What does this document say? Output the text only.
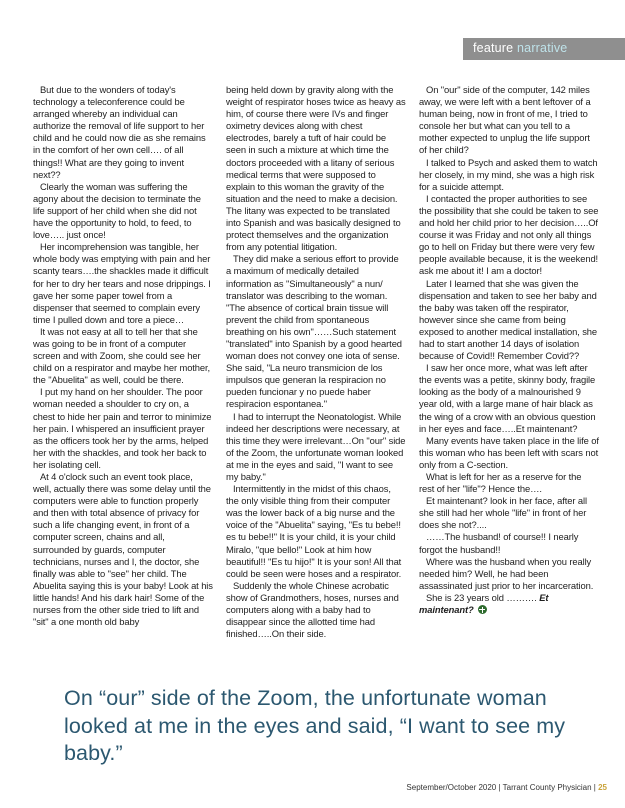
feature narrative

But due to the wonders of today's technology a teleconference could be arranged whereby an individual can authorize the removal of life support to her child and he could now die as she remains in the comfort of her own cell…. of all things!! What are they going to invent next??

Clearly the woman was suffering the agony about the decision to terminate the life support of her child when she did not have the opportunity to hold, to feed, to love….. just once!

Her incomprehension was tangible, her whole body was emptying with pain and her scanty tears….the shackles made it difficult for her to dry her tears and nose drippings. I gave her some paper towel from a dispenser that seemed to complain every time I pulled down and tore a piece…

It was not easy at all to tell her that she was going to be in front of a computer screen and with Zoom, she could see her child on a respirator and maybe her mother, the "Abuelita" as well, could be there.

I put my hand on her shoulder. The poor woman needed a shoulder to cry on, a chest to hide her pain and terror to minimize her pain. I whispered an insufficient prayer as the officers took her by the arms, helped her with the shackles, and took her back to her isolating cell.

At 4 o'clock such an event took place, well, actually there was some delay until the computers were able to function properly and then with total absence of privacy for such a life changing event, in front of a computer screen, chains and all, surrounded by guards, computer technicians, nurses and I, the doctor, she finally was able to "see" her child. The Abuelita saying this is your baby! Look at his little hands! And his dark hair! Some of the nurses from the other side tried to lift and "sit" a one month old baby

being held down by gravity along with the weight of respirator hoses twice as heavy as him, of course there were IVs and finger oximetry devices along with chest electrodes, barely a tuft of hair could be seen in such a mixture at which time the doctors proceeded with a litany of serious medical terms that were supposed to explain to this woman the gravity of the situation and the need to make a decision. The litany was expected to be translated into Spanish and was basically designed to protect themselves and the organization from any potential litigation.

They did make a serious effort to provide a maximum of medically detailed information as "Simultaneously" a nun/ translator was describing to the woman. "The absence of cortical brain tissue will prevent the child from spontaneous breathing on his own"……Such statement "translated" into Spanish by a good hearted woman does not convey one iota of sense. She said, "La neuro transmicion de los impulsos que generan la respiracion no pueden funcionar y no puede haber respiracion espontanea."

I had to interrupt the Neonatologist. While indeed her descriptions were necessary, at this time they were irrelevant…On "our" side of the Zoom, the unfortunate woman looked at me in the eyes and said, "I want to see my baby."

Intermittently in the midst of this chaos, the only visible thing from their computer was the lower back of a big nurse and the voice of the "Abuelita" saying, "Es tu bebe!! es tu bebe!!" It is your child, it is your child Miralo, "que bello!" Look at him how beautiful!! "Es tu hijo!" It is your son! All that could be seen were hoses and a respirator.

Suddenly the whole Chinese acrobatic show of Grandmothers, hoses, nurses and computers along with a baby had to disappear since the allotted time had finished…..On their side.

On "our" side of the computer, 142 miles away, we were left with a bent leftover of a human being, now in front of me, I tried to console her but what can you tell to a mother expected to unplug the life support of her child?

I talked to Psych and asked them to watch her closely, in my mind, she was a high risk for a suicide attempt.

I contacted the proper authorities to see the possibility that she could be taken to see and hold her child prior to her decision…..Of course it was Friday and not only all things go to hell on Friday but there were very few people available because, it is the weekend! ask me about it! I am a doctor!

Later I learned that she was given the dispensation and taken to see her baby and the baby was taken off the respirator, however since she came from being exposed to another medical installation, she had to start another 14 days of isolation because of Covid!! Remember Covid??

I saw her once more, what was left after the events was a petite, skinny body, fragile looking as the body of a malnourished 9 year old, with a large mane of hair black as the wing of a crow with an obvious question in her eyes and face…..Et maintenant?

Many events have taken place in the life of this woman who has been left with scars not only from a C-section.

What is left for her as a reserve for the rest of her "life"? Hence the….

Et maintenant? look in her face, after all she still had her whole "life" in front of her does she not?....

……The husband! of course!! I nearly forgot the husband!!

Where was the husband when you really needed him? Well, he had been assassinated just prior to her incarceration.

She is 23 years old ………. Et maintenant?

On “our” side of the Zoom, the unfortunate woman looked at me in the eyes and said, “I want to see my baby.”

September/October 2020 | Tarrant County Physician | 25
